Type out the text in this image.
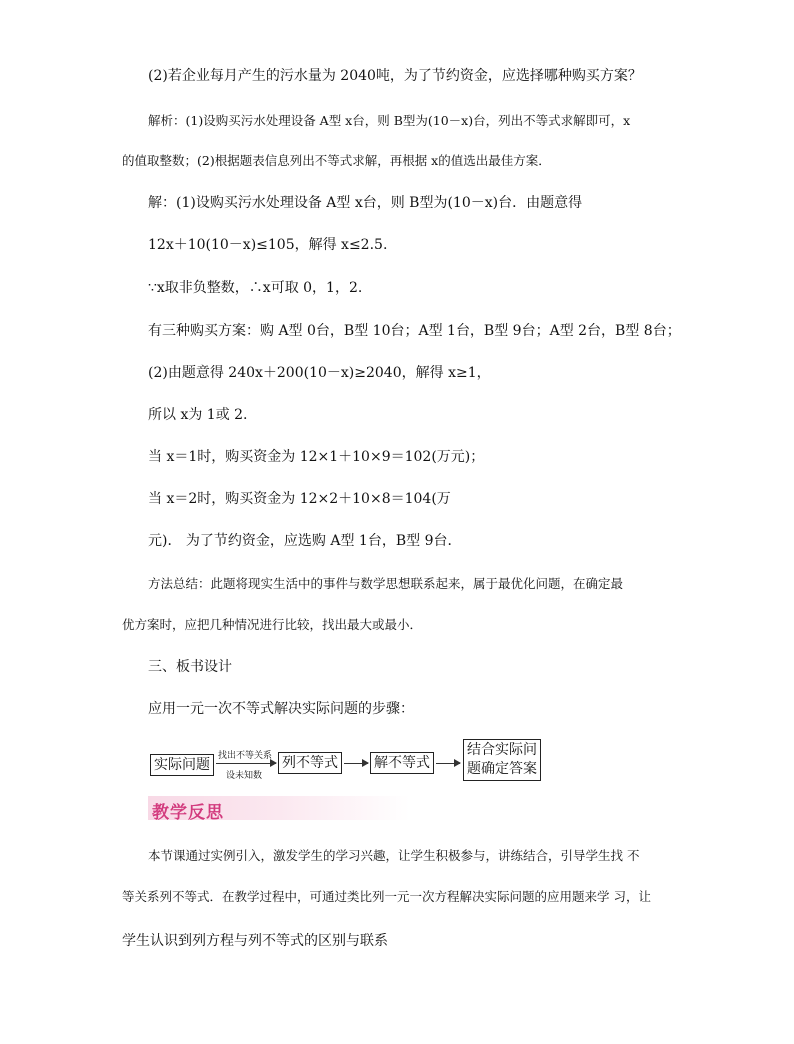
(2)若企业每月产生的污水量为 2040吨，为了节约资金，应选择哪种购买方案？
解析：(1)设购买污水处理设备 A型 x台，则 B型为(10－x)台，列出不等式求解即可，x
的值取整数；(2)根据题表信息列出不等式求解，再根据 x的值选出最佳方案．
解：(1)设购买污水处理设备 A型 x台，则 B型为(10－x)台．由题意得
12x＋10(10－x)≤105，解得 x≤2.5.
∵x取非负整数，∴x可取 0，1，2.
有三种购买方案：购 A型 0台，B型 10台；A型 1台，B型 9台；A型 2台，B型 8台；
(2)由题意得 240x＋200(10－x)≥2040，解得 x≥1，
所以 x为 1或 2.
当 x＝1时，购买资金为 12×1＋10×9＝102(万元)；
当 x＝2时，购买资金为 12×2＋10×8＝104(万
元)． 为了节约资金，应选购 A型 1台，B型 9台．
方法总结：此题将现实生活中的事件与数学思想联系起来，属于最优化问题，在确定最
优方案时，应把几种情况进行比较，找出最大或最小．
三、板书设计
应用一元一次不等式解决实际问题的步骤：
本节课通过实例引入，激发学生的学习兴趣，让学生积极参与，讲练结合，引导学生找 不
等关系列不等式．在教学过程中，可通过类比列一元一次方程解决实际问题的应用题来学 习，让
学生认识到列方程与列不等式的区别与联系
实际问题
找出不等关系
设未知数
列不等式	解不等式
结合实际问
题确定答案
教学反思
